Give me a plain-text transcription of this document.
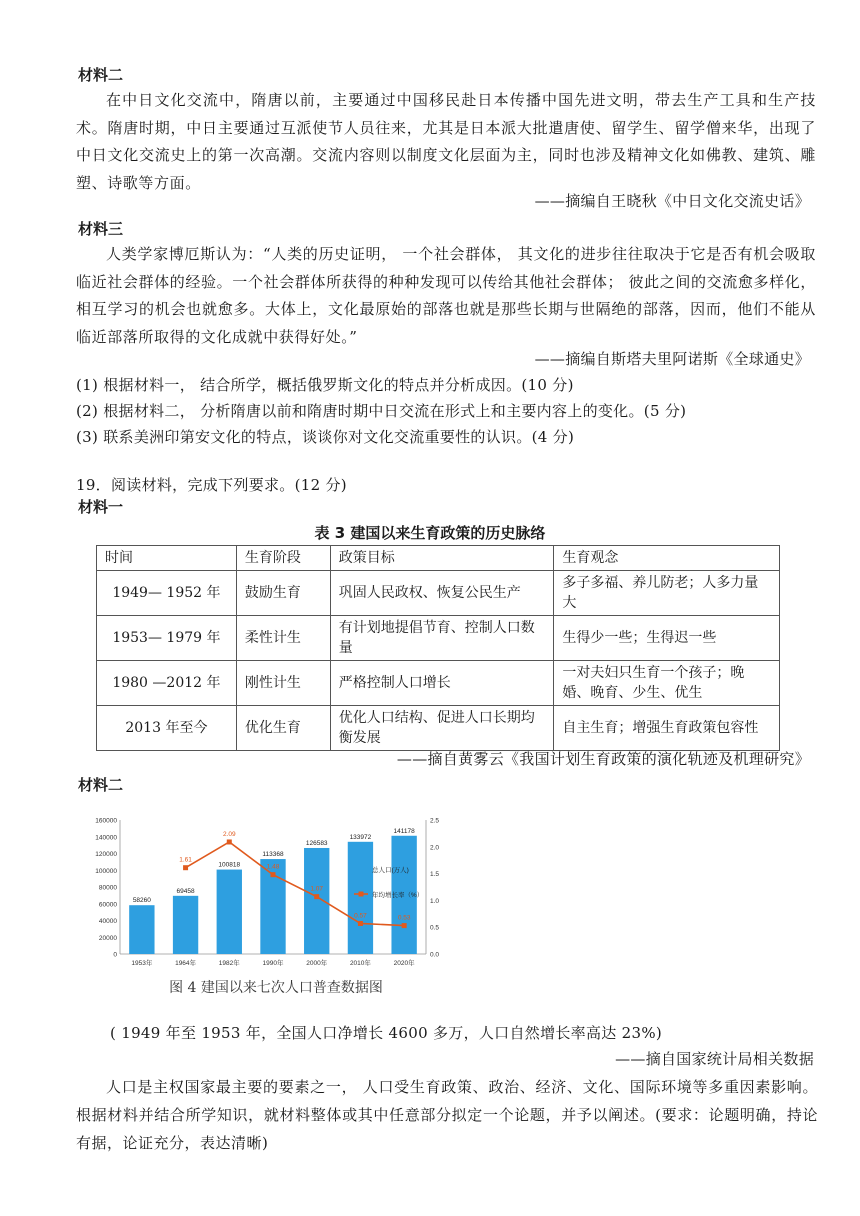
材料二

在中日文化交流中，隋唐以前，主要通过中国移民赴日本传播中国先进文明，带去生产工具和生产技术。隋唐时期，中日主要通过互派使节人员往来，尤其是日本派大批遣唐使、留学生、留学僧来华，出现了中日文化交流史上的第一次高潮。交流内容则以制度文化层面为主，同时也涉及精神文化如佛教、建筑、雕塑、诗歌等方面。

——摘编自王晓秋《中日文化交流史话》
材料三

人类学家博厄斯认为：“人类的历史证明， 一个社会群体， 其文化的进步往往取决于它是否有机会吸取临近社会群体的经验。一个社会群体所获得的种种发现可以传给其他社会群体； 彼此之间的交流愈多样化，相互学习的机会也就愈多。大体上，文化最原始的部落也就是那些长期与世隔绝的部落，因而，他们不能从临近部落所取得的文化成就中获得好处。”

——摘编自斯塔夫里阿诺斯《全球通史》
(1) 根据材料一， 结合所学，概括俄罗斯文化的特点并分析成因。(10 分)
(2) 根据材料二， 分析隋唐以前和隋唐时期中日交流在形式上和主要内容上的变化。(5 分)
(3) 联系美洲印第安文化的特点，谈谈你对文化交流重要性的认识。(4 分)
19．阅读材料，完成下列要求。(12 分)
材料一
表 3 建国以来生育政策的历史脉络
时间	生育阶段	政策目标	生育观念
1949— 1952 年	鼓励生育	巩固人民政权、恢复公民生产	多子多福、养儿防老；人多力量大
1953— 1979 年	柔性计生	有计划地提倡节育、控制人口数量	生得少一些；生得迟一些
1980 —2012 年	刚性计生	严格控制人口增长	一对夫妇只生育一个孩子；晚婚、晚育、少生、优生
2013 年至今	优化生育	优化人口结构、促进人口长期均衡发展	自主生育；增强生育政策包容性
——摘自黄雾云《我国计划生育政策的演化轨迹及机理研究》
材料二
0
20000
40000
60000
80000
100000
120000
140000
160000
0.0
0.5
1.0
1.5
2.0
2.5
58260
69458
100818
113368
126583
133972
141178
1953年	1964年	1982年	1990年	2000年	2010年	2020年
1.61
2.09
1.48
1.07
0.57	0.53
总人口(万人)
年均增长率（%）
图 4 建国以来七次人口普查数据图
( 1949 年至 1953 年，全国人口净增长 4600 多万，人口自然增长率高达 23%)
——摘自国家统计局相关数据

人口是主权国家最主要的要素之一， 人口受生育政策、政治、经济、文化、国际环境等多重因素影响。根据材料并结合所学知识，就材料整体或其中任意部分拟定一个论题，并予以阐述。(要求：论题明确，持论有据，论证充分，表达清晰)
